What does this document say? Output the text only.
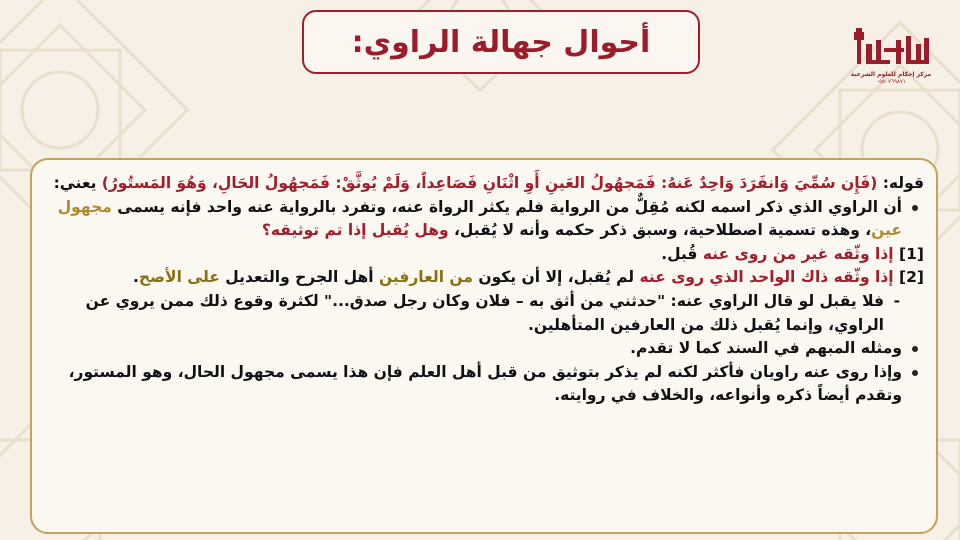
أحوال جهالة الراوي:
مركز إحكام للعلوم الشرعية
٠٥٥٠٧٦٩٨٧١

قوله: (فَإِن سُمِّيَ وَانفَرَدَ وَاحِدٌ عَنهُ: فَمَجهُولُ العَينِ أَوِ اثْنَانِ فَصَاعِداً، وَلَمْ يُوثَّقْ: فَمَجهُولُ الحَالِ، وَهُوَ المَستُورُ) يعني:

أن الراوي الذي ذكر اسمه لكنه مُقِلٌّ من الرواية فلم يكثر الرواة عنه، وتفرد بالرواية عنه واحد فإنه يسمى مجهول عين، وهذه تسمية اصطلاحية، وسبق ذكر حكمه وأنه لا يُقبل، وهل يُقبل إذا تم توثيقه؟

[1] إذا وثّقه غير من روى عنه قُبل.

[2] إذا وثّقه ذاك الواحد الذي روى عنه لم يُقبل، إلا أن يكون من العارفين أهل الجرح والتعديل على الأصح.

-
فلا يقبل لو قال الراوي عنه: "حدثني من أثق به – فلان وكان رجل صدق..." لكثرة وقوع ذلك ممن يروي عن الراوي، وإنما يُقبل ذلك من العارفين المتأهلين.

ومثله المبهم في السند كما لا تقدم.

وإذا روى عنه راويان فأكثر لكنه لم يذكر بتوثيق من قبل أهل العلم فإن هذا يسمى مجهول الحال، وهو المستور، وتقدم أيضاً ذكره وأنواعه، والخلاف في روايته.
